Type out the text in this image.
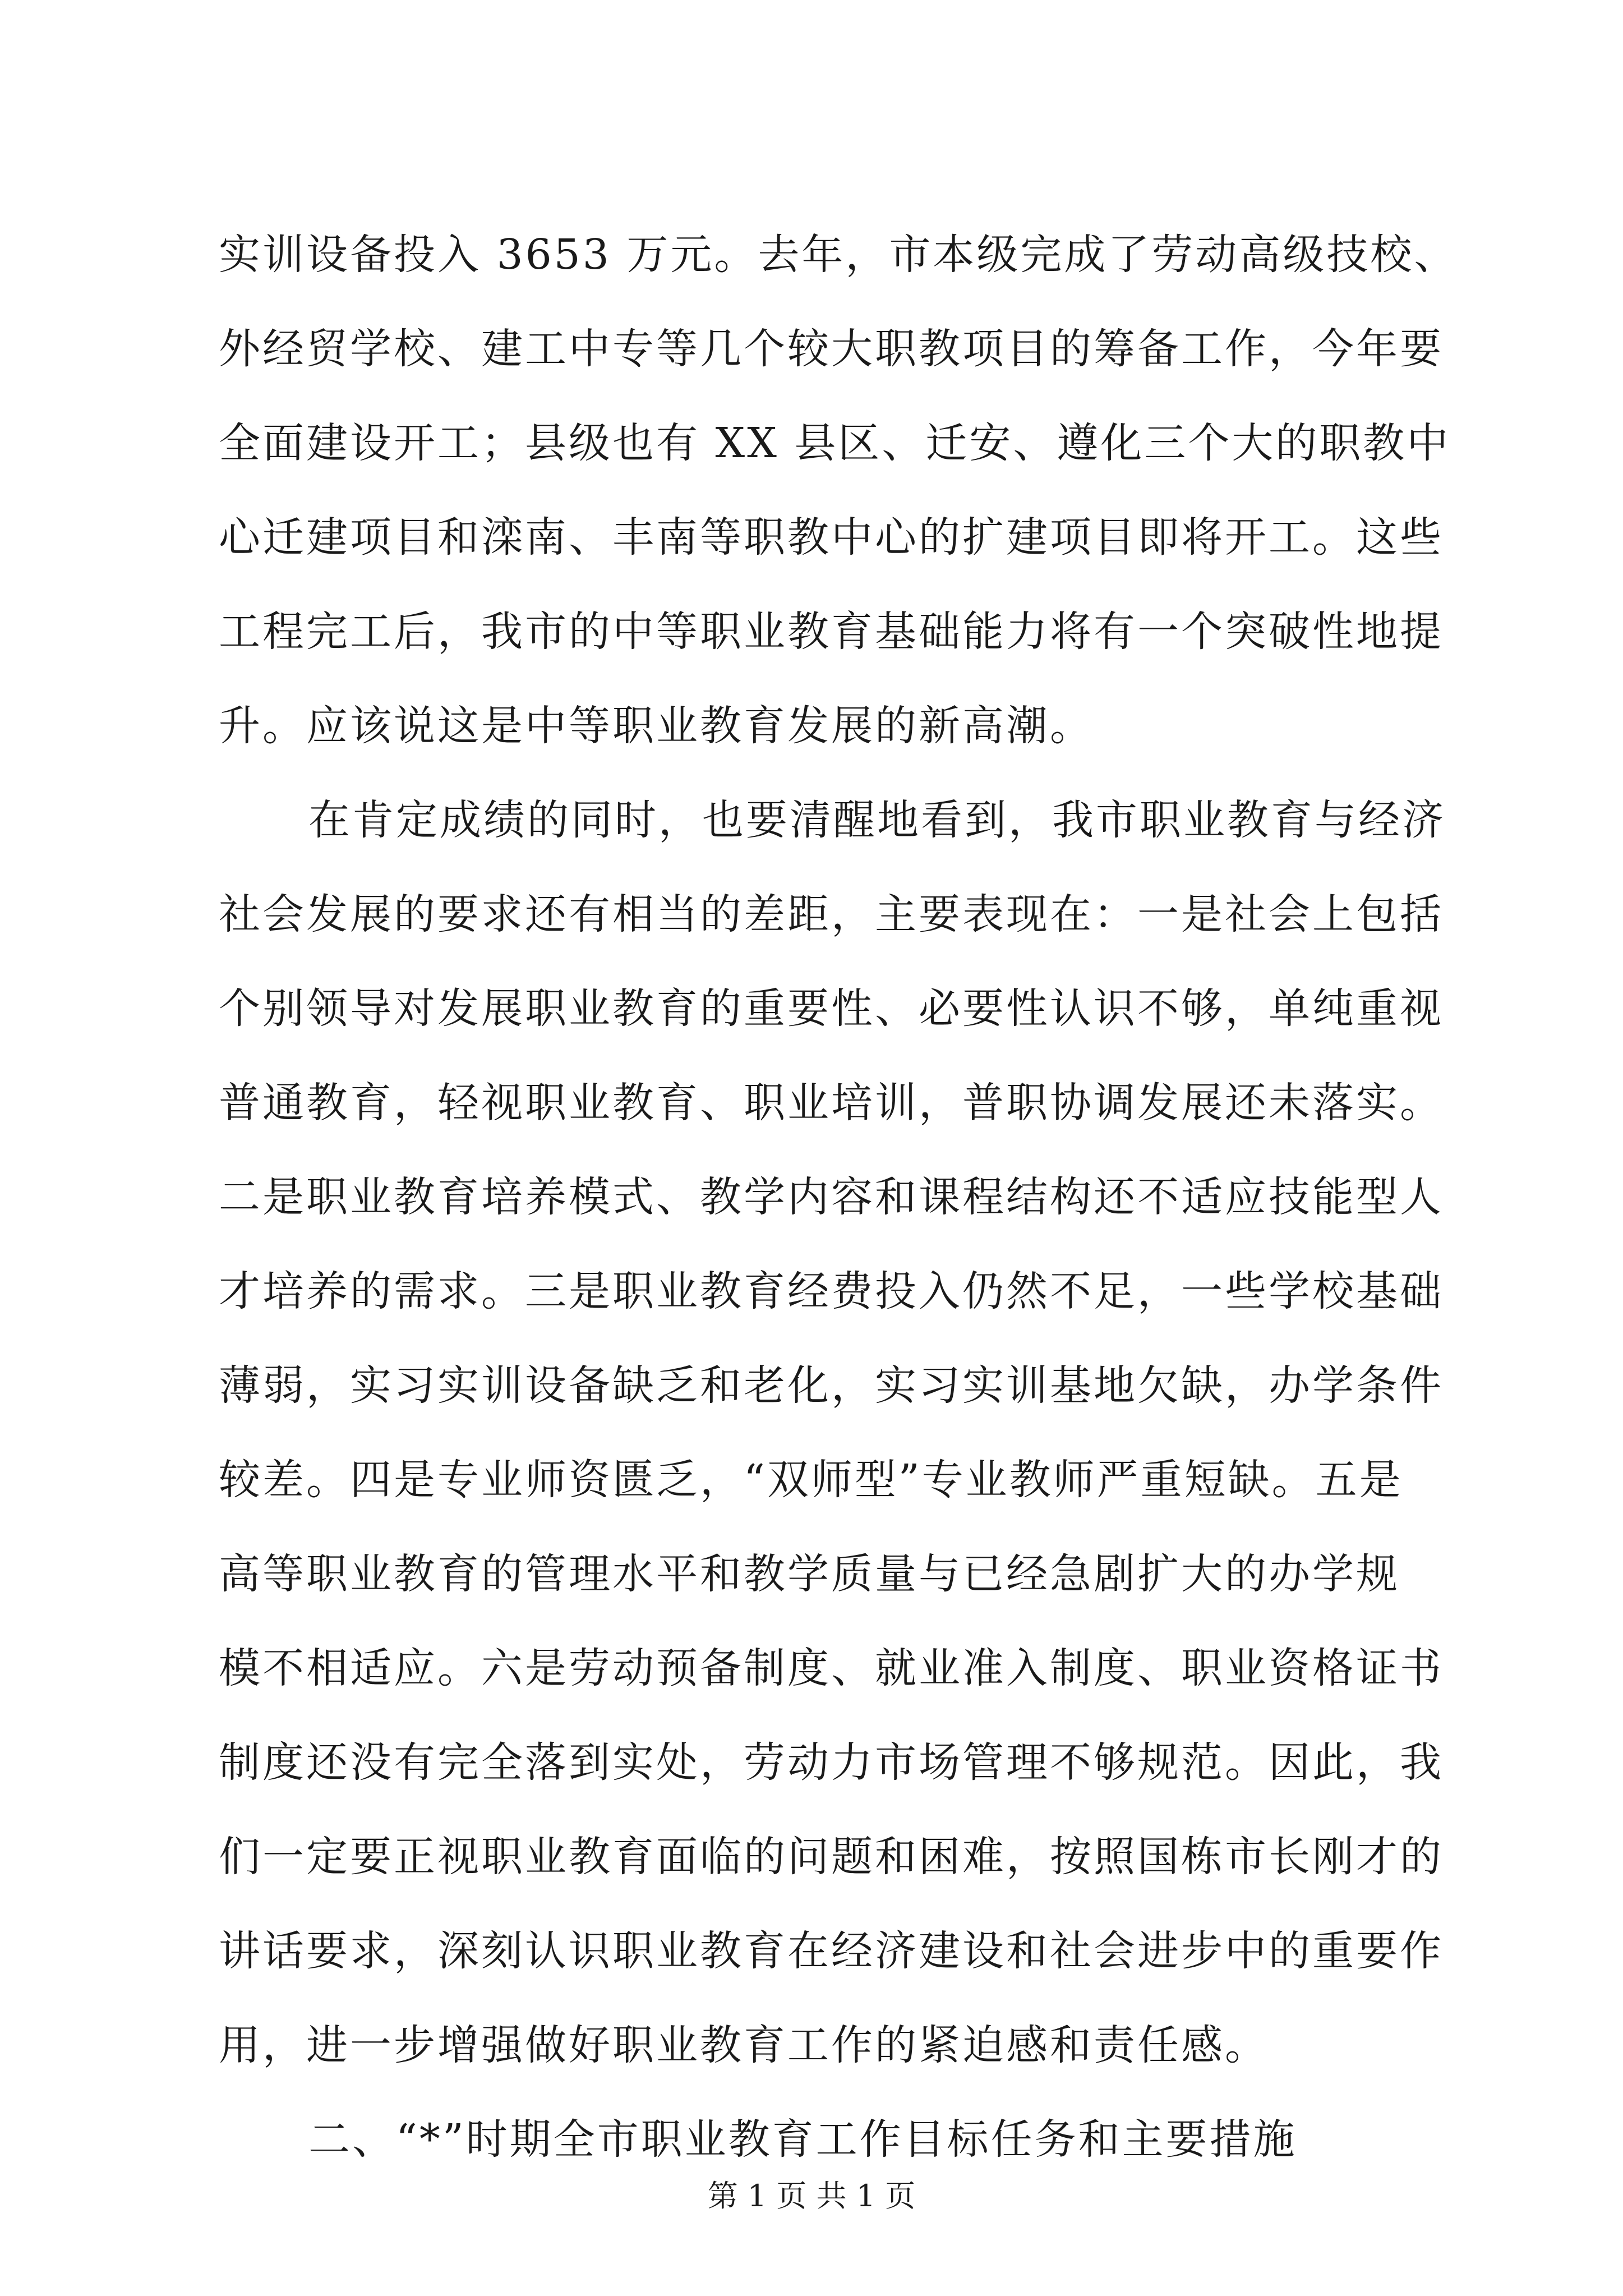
实训设备投入 3653 万元。去年，市本级完成了劳动高级技校、
外经贸学校、建工中专等几个较大职教项目的筹备工作，今年要
全面建设开工；县级也有 XX 县区、迁安、遵化三个大的职教中
心迁建项目和滦南、丰南等职教中心的扩建项目即将开工。这些
工程完工后，我市的中等职业教育基础能力将有一个突破性地提
升。应该说这是中等职业教育发展的新高潮。
在肯定成绩的同时，也要清醒地看到，我市职业教育与经济
社会发展的要求还有相当的差距，主要表现在：一是社会上包括
个别领导对发展职业教育的重要性、必要性认识不够，单纯重视
普通教育，轻视职业教育、职业培训，普职协调发展还未落实。
二是职业教育培养模式、教学内容和课程结构还不适应技能型人
才培养的需求。三是职业教育经费投入仍然不足，一些学校基础
薄弱，实习实训设备缺乏和老化，实习实训基地欠缺，办学条件
较差。四是专业师资匮乏，“双师型”专业教师严重短缺。五是
高等职业教育的管理水平和教学质量与已经急剧扩大的办学规
模不相适应。六是劳动预备制度、就业准入制度、职业资格证书
制度还没有完全落到实处，劳动力市场管理不够规范。因此，我
们一定要正视职业教育面临的问题和困难，按照国栋市长刚才的
讲话要求，深刻认识职业教育在经济建设和社会进步中的重要作
用，进一步增强做好职业教育工作的紧迫感和责任感。
二、“*”时期全市职业教育工作目标任务和主要措施
第 1 页 共 1 页
